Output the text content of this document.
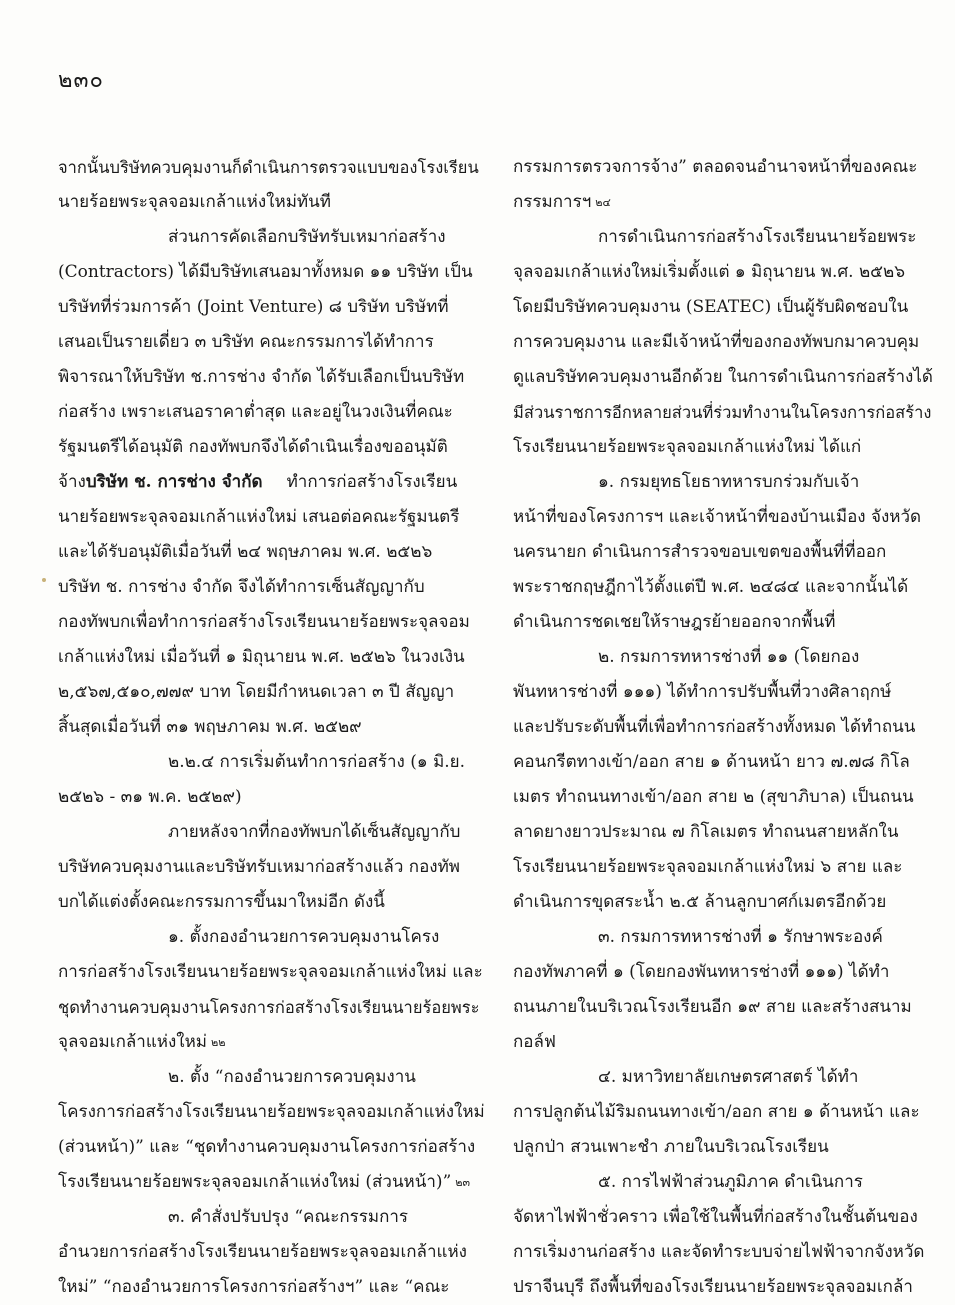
๒๓๐
จากนั้นบริษัทควบคุมงานก็ดำเนินการตรวจแบบของโรงเรียน
นายร้อยพระจุลจอมเกล้าแห่งใหม่ทันที
ส่วนการคัดเลือกบริษัทรับเหมาก่อสร้าง
(Contractors) ได้มีบริษัทเสนอมาทั้งหมด ๑๑ บริษัท เป็น
บริษัทที่ร่วมการค้า (Joint Venture) ๘ บริษัท บริษัทที่
เสนอเป็นรายเดี่ยว ๓ บริษัท คณะกรรมการได้ทำการ
พิจารณาให้บริษัท ช.การช่าง จำกัด ได้รับเลือกเป็นบริษัท
ก่อสร้าง เพราะเสนอราคาต่ำสุด และอยู่ในวงเงินที่คณะ
รัฐมนตรีได้อนุมัติ กองทัพบกจึงได้ดำเนินเรื่องขออนุมัติ
จ้าง บริษัท ช. การช่าง จำกัด ทำการก่อสร้างโรงเรียน
นายร้อยพระจุลจอมเกล้าแห่งใหม่ เสนอต่อคณะรัฐมนตรี
และได้รับอนุมัติเมื่อวันที่ ๒๔ พฤษภาคม พ.ศ. ๒๕๒๖
บริษัท ช. การช่าง จำกัด จึงได้ทำการเซ็นสัญญากับ
กองทัพบกเพื่อทำการก่อสร้างโรงเรียนนายร้อยพระจุลจอม
เกล้าแห่งใหม่ เมื่อวันที่ ๑ มิถุนายน พ.ศ. ๒๕๒๖ ในวงเงิน
๒,๕๖๗,๕๑๐,๗๗๙ บาท โดยมีกำหนดเวลา ๓ ปี สัญญา
สิ้นสุดเมื่อวันที่ ๓๑ พฤษภาคม พ.ศ. ๒๕๒๙
๒.๒.๔ การเริ่มต้นทำการก่อสร้าง (๑ มิ.ย.
๒๕๒๖ - ๓๑ พ.ค. ๒๕๒๙)
ภายหลังจากที่กองทัพบกได้เซ็นสัญญากับ
บริษัทควบคุมงานและบริษัทรับเหมาก่อสร้างแล้ว กองทัพ
บกได้แต่งตั้งคณะกรรมการขึ้นมาใหม่อีก ดังนี้
๑. ตั้งกองอำนวยการควบคุมงานโครง
การก่อสร้างโรงเรียนนายร้อยพระจุลจอมเกล้าแห่งใหม่ และ
ชุดทำงานควบคุมงานโครงการก่อสร้างโรงเรียนนายร้อยพระ
จุลจอมเกล้าแห่งใหม่ ๒๒
๒. ตั้ง “กองอำนวยการควบคุมงาน
โครงการก่อสร้างโรงเรียนนายร้อยพระจุลจอมเกล้าแห่งใหม่
(ส่วนหน้า)” และ “ชุดทำงานควบคุมงานโครงการก่อสร้าง
โรงเรียนนายร้อยพระจุลจอมเกล้าแห่งใหม่ (ส่วนหน้า)” ๒๓
๓. คำสั่งปรับปรุง “คณะกรรมการ
อำนวยการก่อสร้างโรงเรียนนายร้อยพระจุลจอมเกล้าแห่ง
ใหม่” “กองอำนวยการโครงการก่อสร้างฯ” และ “คณะ
กรรมการตรวจการจ้าง” ตลอดจนอำนาจหน้าที่ของคณะ
กรรมการฯ ๒๔
การดำเนินการก่อสร้างโรงเรียนนายร้อยพระ
จุลจอมเกล้าแห่งใหม่เริ่มตั้งแต่ ๑ มิถุนายน พ.ศ. ๒๕๒๖
โดยมีบริษัทควบคุมงาน (SEATEC) เป็นผู้รับผิดชอบใน
การควบคุมงาน และมีเจ้าหน้าที่ของกองทัพบกมาควบคุม
ดูแลบริษัทควบคุมงานอีกด้วย ในการดำเนินการก่อสร้างได้
มีส่วนราชการอีกหลายส่วนที่ร่วมทำงานในโครงการก่อสร้าง
โรงเรียนนายร้อยพระจุลจอมเกล้าแห่งใหม่ ได้แก่
๑. กรมยุทธโยธาทหารบกร่วมกับเจ้า
หน้าที่ของโครงการฯ และเจ้าหน้าที่ของบ้านเมือง จังหวัด
นครนายก ดำเนินการสำรวจขอบเขตของพื้นที่ที่ออก
พระราชกฤษฎีกาไว้ตั้งแต่ปี พ.ศ. ๒๔๘๔ และจากนั้นได้
ดำเนินการชดเชยให้ราษฎรย้ายออกจากพื้นที่
๒. กรมการทหารช่างที่ ๑๑ (โดยกอง
พันทหารช่างที่ ๑๑๑) ได้ทำการปรับพื้นที่วางศิลาฤกษ์
และปรับระดับพื้นที่เพื่อทำการก่อสร้างทั้งหมด ได้ทำถนน
คอนกรีตทางเข้า/ออก สาย ๑ ด้านหน้า ยาว ๗.๗๘ กิโล
เมตร ทำถนนทางเข้า/ออก สาย ๒ (สุขาภิบาล) เป็นถนน
ลาดยางยาวประมาณ ๗ กิโลเมตร ทำถนนสายหลักใน
โรงเรียนนายร้อยพระจุลจอมเกล้าแห่งใหม่ ๖ สาย และ
ดำเนินการขุดสระน้ำ ๒.๕ ล้านลูกบาศก์เมตรอีกด้วย
๓. กรมการทหารช่างที่ ๑ รักษาพระองค์
กองทัพภาคที่ ๑ (โดยกองพันทหารช่างที่ ๑๑๑) ได้ทำ
ถนนภายในบริเวณโรงเรียนอีก ๑๙ สาย และสร้างสนาม
กอล์ฟ
๔. มหาวิทยาลัยเกษตรศาสตร์ ได้ทำ
การปลูกต้นไม้ริมถนนทางเข้า/ออก สาย ๑ ด้านหน้า และ
ปลูกป่า สวนเพาะชำ ภายในบริเวณโรงเรียน
๕. การไฟฟ้าส่วนภูมิภาค ดำเนินการ
จัดหาไฟฟ้าชั่วคราว เพื่อใช้ในพื้นที่ก่อสร้างในชั้นต้นของ
การเริ่มงานก่อสร้าง และจัดทำระบบจ่ายไฟฟ้าจากจังหวัด
ปราจีนบุรี ถึงพื้นที่ของโรงเรียนนายร้อยพระจุลจอมเกล้า
